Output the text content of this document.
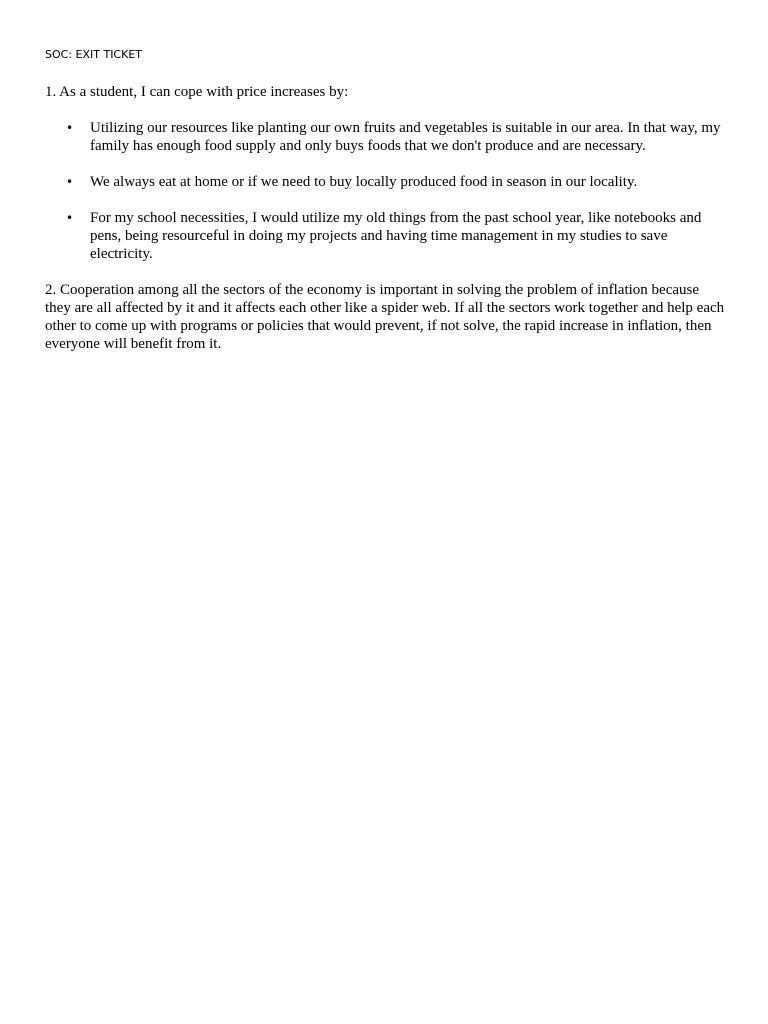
SOC: EXIT TICKET

1. As a student, I can cope with price increases by:

• Utilizing our resources like planting our own fruits and vegetables is suitable in our area. In that way, my family has enough food supply and only buys foods that we don't produce and are necessary.
• We always eat at home or if we need to buy locally produced food in season in our locality.
• For my school necessities, I would utilize my old things from the past school year, like notebooks and pens, being resourceful in doing my projects and having time management in my studies to save electricity.

2. Cooperation among all the sectors of the economy is important in solving the problem of inflation because they are all affected by it and it affects each other like a spider web. If all the sectors work together and help each other to come up with programs or policies that would prevent, if not solve, the rapid increase in inflation, then everyone will benefit from it.
